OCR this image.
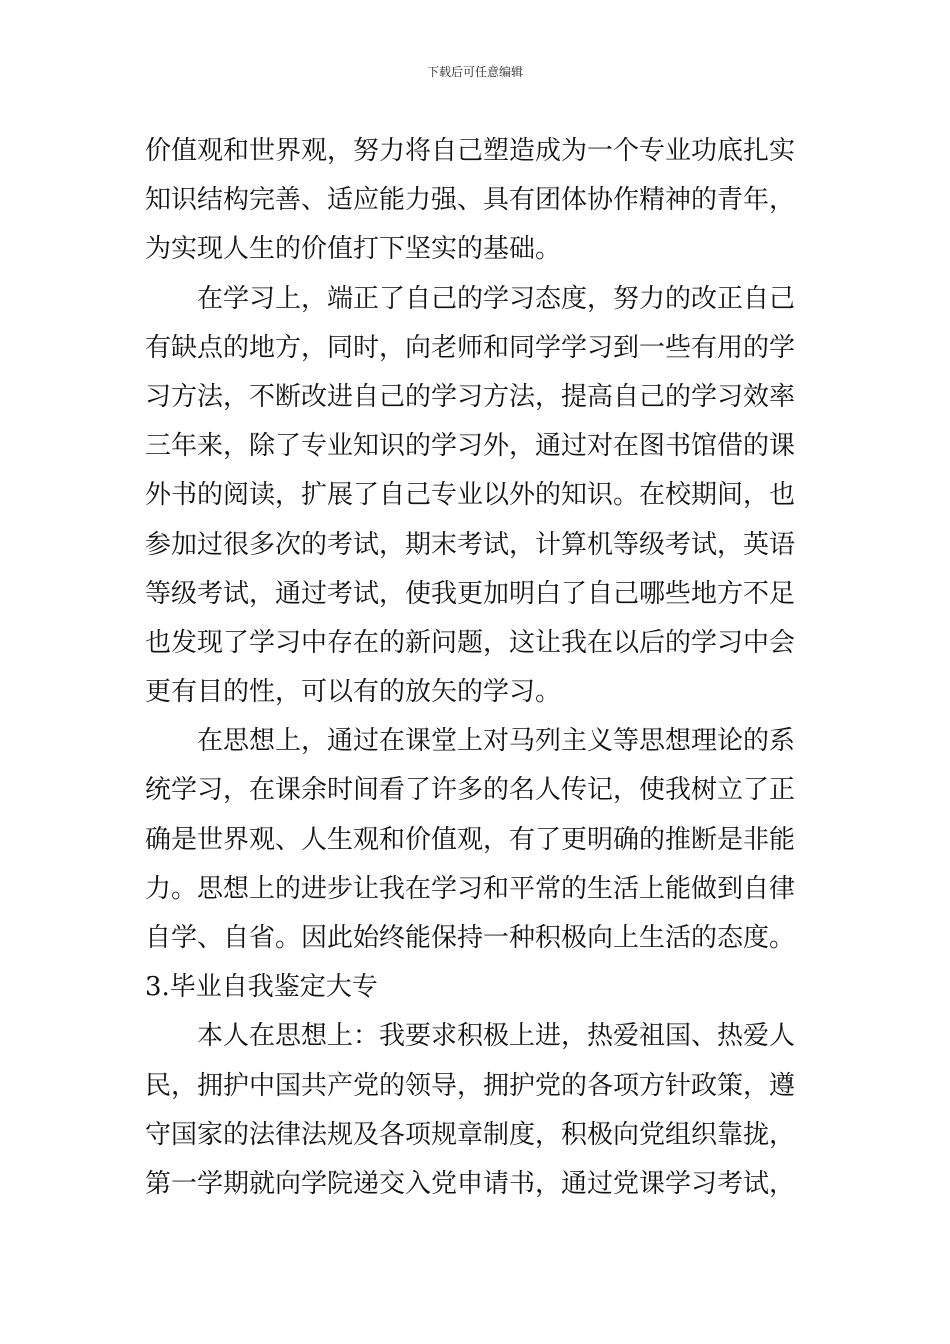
下载后可任意编辑
价值观和世界观，努力将自己塑造成为一个专业功底扎实
知识结构完善、适应能力强、具有团体协作精神的青年，
为实现人生的价值打下坚实的基础。
在学习上，端正了自己的学习态度，努力的改正自己
有缺点的地方，同时，向老师和同学学习到一些有用的学
习方法，不断改进自己的学习方法，提高自己的学习效率
三年来，除了专业知识的学习外，通过对在图书馆借的课
外书的阅读，扩展了自己专业以外的知识。在校期间，也
参加过很多次的考试，期末考试，计算机等级考试，英语
等级考试，通过考试，使我更加明白了自己哪些地方不足
也发现了学习中存在的新问题，这让我在以后的学习中会
更有目的性，可以有的放矢的学习。
在思想上，通过在课堂上对马列主义等思想理论的系
统学习，在课余时间看了许多的名人传记，使我树立了正
确是世界观、人生观和价值观，有了更明确的推断是非能
力。思想上的进步让我在学习和平常的生活上能做到自律
自学、自省。因此始终能保持一种积极向上生活的态度。
3.毕业自我鉴定大专
本人在思想上：我要求积极上进，热爱祖国、热爱人
民，拥护中国共产党的领导，拥护党的各项方针政策，遵
守国家的法律法规及各项规章制度，积极向党组织靠拢，
第一学期就向学院递交入党申请书，通过党课学习考试，
